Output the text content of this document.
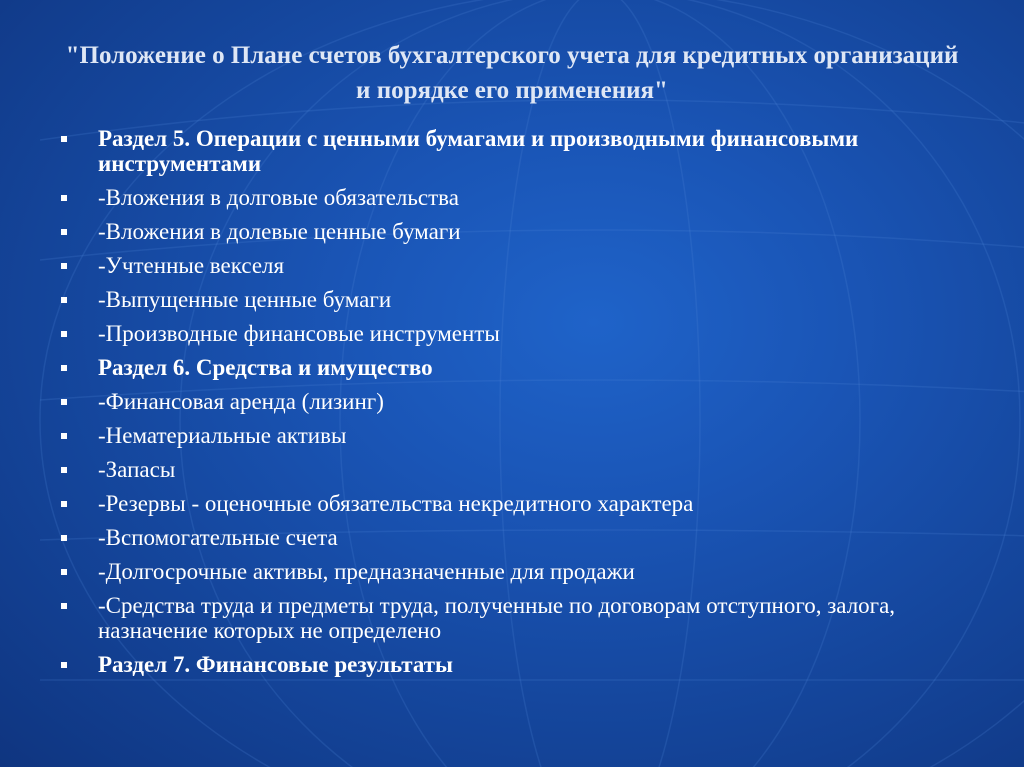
"Положение о Плане счетов бухгалтерского учета для кредитных организаций и порядке его применения"
Раздел 5. Операции с ценными бумагами и производными финансовыми инструментами
-Вложения в долговые обязательства
-Вложения в долевые ценные бумаги
-Учтенные векселя
-Выпущенные ценные бумаги
-Производные финансовые инструменты
Раздел 6. Средства и имущество
-Финансовая аренда (лизинг)
-Нематериальные активы
-Запасы
-Резервы - оценочные обязательства некредитного характера
-Вспомогательные счета
-Долгосрочные активы, предназначенные для продажи
-Средства труда и предметы труда, полученные по договорам отступного, залога, назначение которых не определено
Раздел 7. Финансовые результаты
